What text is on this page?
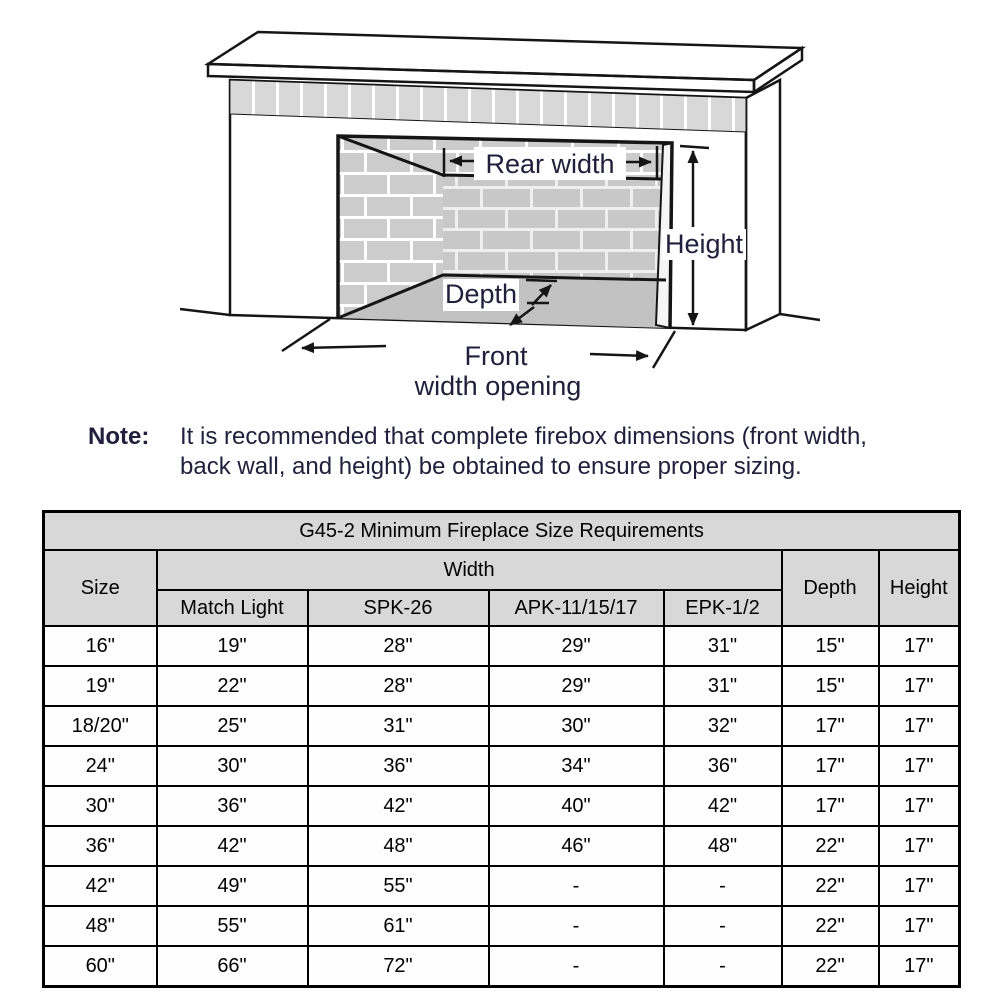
Rear width
Height
Depth
Front
width opening
Note:	It is recommended that complete firebox dimensions (front width,
back wall, and height) be obtained to ensure proper sizing.
G45-2 Minimum Fireplace Size Requirements						
Size	Width				Depth	Height
	Match Light	SPK-26	APK-11/15/17	EPK-1/2		
16"	19"	28"	29"	31"	15"	17"
19"	22"	28"	29"	31"	15"	17"
18/20"	25"	31"	30"	32"	17"	17"
24"	30"	36"	34"	36"	17"	17"
30"	36"	42"	40"	42"	17"	17"
36"	42"	48"	46"	48"	22"	17"
42"	49"	55"	-	-	22"	17"
48"	55"	61"	-	-	22"	17"
60"	66"	72"	-	-	22"	17"
